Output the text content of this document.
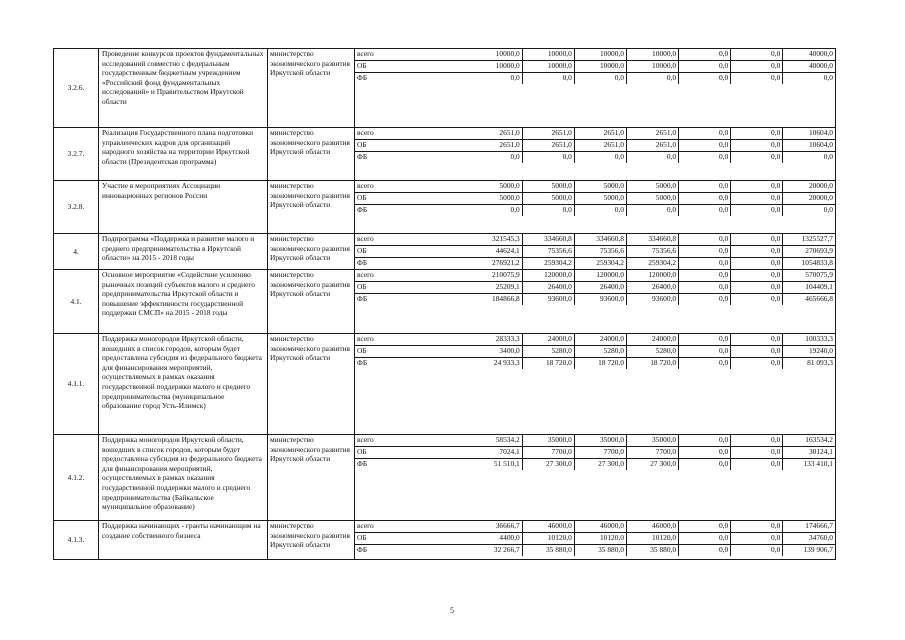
3.2.6.	Проведение конкурсов проектов фундаментальных исследований совместно с федеральным государственным бюджетным учреждением «Российский фонд фундаментальных исследований» и Правительством Иркутской области	министерство экономического развития Иркутской области	
всего		10000,0	10000,0	10000,0	10000,0	0,0	0,0	40000,0
ОБ		10000,0	10000,0	10000,0	10000,0	0,0	0,0	40000,0
ФБ		0,0	0,0	0,0	0,0	0,0	0,0	0,0

3.2.7.	Реализация Государственного плана подготовки управленческих кадров для организаций народного хозяйства на территории Иркутской области (Президентская программа)	министерство экономического развития Иркутской области	
всего		2651,0	2651,0	2651,0	2651,0	0,0	0,0	10604,0
ОБ		2651,0	2651,0	2651,0	2651,0	0,0	0,0	10604,0
ФБ		0,0	0,0	0,0	0,0	0,0	0,0	0,0

3.2.8.	Участие в мероприятиях Ассоциации инновационных регионов России	министерство экономического развития Иркутской области	
всего		5000,0	5000,0	5000,0	5000,0	0,0	0,0	20000,0
ОБ		5000,0	5000,0	5000,0	5000,0	0,0	0,0	20000,0
ФБ		0,0	0,0	0,0	0,0	0,0	0,0	0,0

4.	Подпрограмма «Поддержка и развитие малого и среднего предпринимательства в Иркутской области» на 2015 - 2018 годы	министерство экономического развития Иркутской области	
всего		321545,3	334660,8	334660,8	334660,8	0,0	0,0	1325527,7
ОБ		44624,1	75356,6	75356,6	75356,6	0,0	0,0	270693,9
ФБ		276921,2	259304,2	259304,2	259304,2	0,0	0,0	1054833,8

4.1.	Основное мероприятие «Содействие усилению рыночных позиций субъектов малого и среднего предпринимательства Иркутской области и повышение эффективности государственной поддержки СМСП» на 2015 - 2018 годы	министерство экономического развития Иркутской области	
всего		210075,9	120000,0	120000,0	120000,0	0,0	0,0	570075,9
ОБ		25209,1	26400,0	26400,0	26400,0	0,0	0,0	104409,1
ФБ		184866,8	93600,0	93600,0	93600,0	0,0	0,0	465666,8

4.1.1.	Поддержка моногородов Иркутской области, вошедших в список городов, которым будет предоставлена субсидия из федерального бюджета для финансирования мероприятий, осуществляемых в рамках оказания государственной поддержки малого и среднего предпринимательства (муниципальное образование город Усть-Илимск)	министерство экономического развития Иркутской области	
всего		28333,3	24000,0	24000,0	24000,0	0,0	0,0	100333,3
ОБ		3400,0	5280,0	5280,0	5280,0	0,0	0,0	19240,0
ФБ		24 933,3	18 720,0	18 720,0	18 720,0	0,0	0,0	81 093,3

4.1.2.	Поддержка моногородов Иркутской области, вошедших в список городов, которым будет предоставлена субсидия из федерального бюджета для финансирования мероприятий, осуществляемых в рамках оказания государственной поддержки малого и среднего предпринимательства (Байкальское муниципальное образование)	министерство экономического развития Иркутской области	
всего		58534,2	35000,0	35000,0	35000,0	0,0	0,0	163534,2
ОБ		7024,1	7700,0	7700,0	7700,0	0,0	0,0	30124,1
ФБ		51 510,1	27 300,0	27 300,0	27 300,0	0,0	0,0	133 410,1

4.1.3.	Поддержка начинающих - гранты начинающим на создание собственного бизнеса	министерство экономического развития Иркутской области	
всего		36666,7	46000,0	46000,0	46000,0	0,0	0,0	174666,7
ОБ		4400,0	10120,0	10120,0	10120,0	0,0	0,0	34760,0
ФБ		32 266,7	35 880,0	35 880,0	35 880,0	0,0	0,0	139 906,7
5
